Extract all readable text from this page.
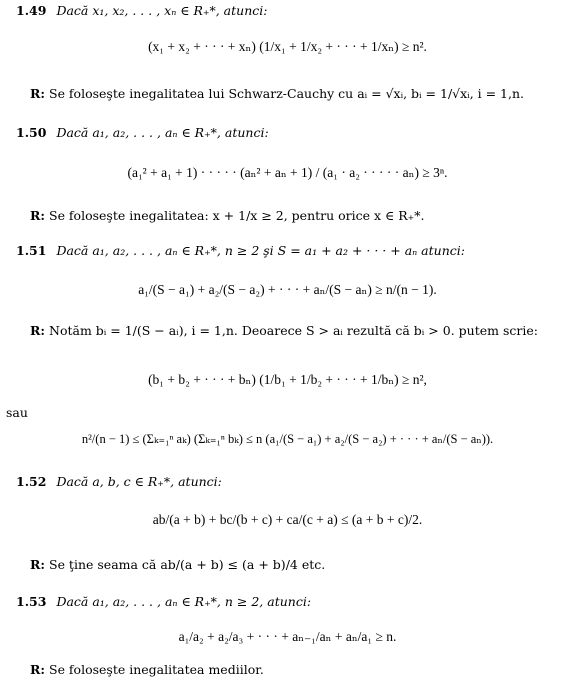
1.49 Dacă x₁, x₂, . . . , xₙ ∈ R₊*, atunci:
(x₁ + x₂ + · · · + xₙ) (1/x₁ + 1/x₂ + · · · + 1/xₙ) ≥ n².
R: Se foloseşte inegalitatea lui Schwarz-Cauchy cu aᵢ = √xᵢ, bᵢ = 1/√xᵢ, i = 1,n.
1.50 Dacă a₁, a₂, . . . , aₙ ∈ R₊*, atunci:
(a₁² + a₁ + 1) · · · · · (aₙ² + aₙ + 1) / (a₁ · a₂ · · · · · aₙ) ≥ 3ⁿ.
R: Se foloseşte inegalitatea: x + 1/x ≥ 2, pentru orice x ∈ R₊*.
1.51 Dacă a₁, a₂, . . . , aₙ ∈ R₊*, n ≥ 2 şi S = a₁ + a₂ + · · · + aₙ atunci:
a₁/(S − a₁) + a₂/(S − a₂) + · · · + aₙ/(S − aₙ) ≥ n/(n − 1).
R: Notăm bᵢ = 1/(S − aᵢ), i = 1,n. Deoarece S > aᵢ rezultă că bᵢ > 0. putem scrie:
(b₁ + b₂ + · · · + bₙ) (1/b₁ + 1/b₂ + · · · + 1/bₙ) ≥ n²,
sau
n²/(n − 1) ≤ (Σₖ₌₁ⁿ aₖ) (Σₖ₌₁ⁿ bₖ) ≤ n (a₁/(S − a₁) + a₂/(S − a₂) + · · · + aₙ/(S − aₙ)).
1.52 Dacă a, b, c ∈ R₊*, atunci:
ab/(a + b) + bc/(b + c) + ca/(c + a) ≤ (a + b + c)/2.
R: Se ţine seama că ab/(a + b) ≤ (a + b)/4 etc.
1.53 Dacă a₁, a₂, . . . , aₙ ∈ R₊*, n ≥ 2, atunci:
a₁/a₂ + a₂/a₃ + · · · + aₙ₋₁/aₙ + aₙ/a₁ ≥ n.
R: Se foloseşte inegalitatea mediilor.
